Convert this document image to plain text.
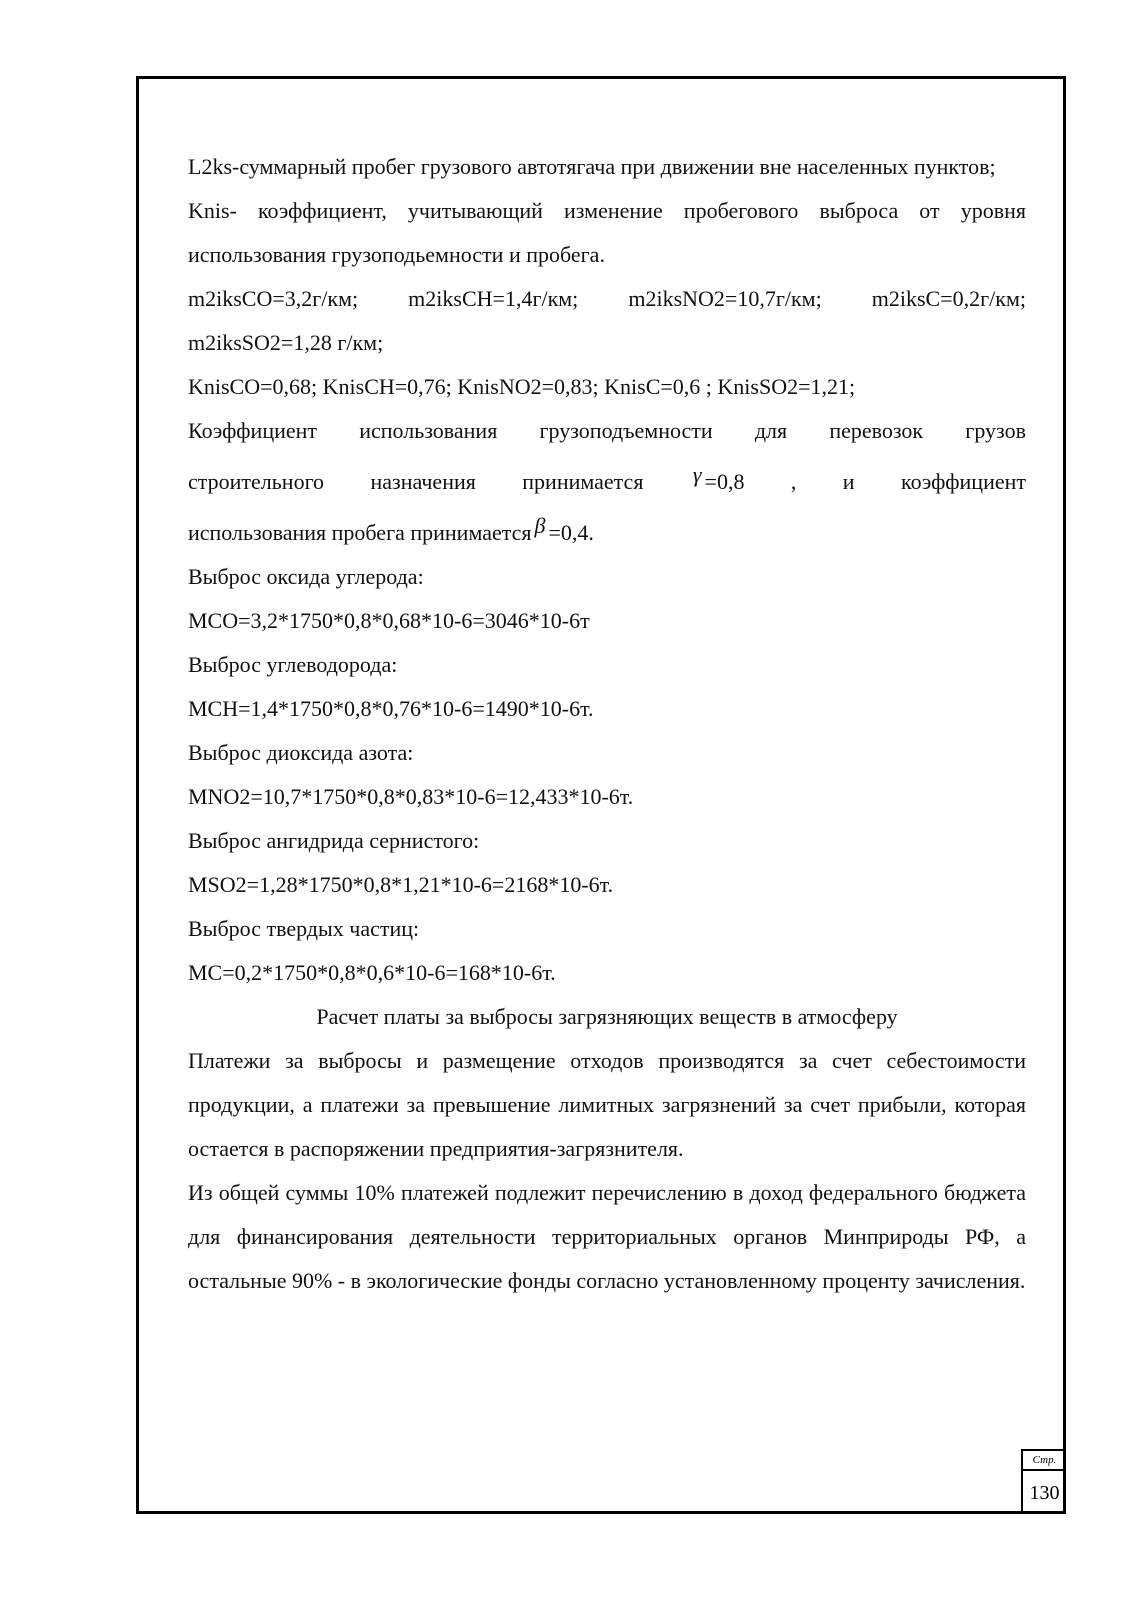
L2ks-суммарный пробег грузового автотягача при движении вне населенных пунктов;

Knis- коэффициент, учитывающий изменение пробегового выброса от уровня использования грузоподьемности и пробега.

m2iksCO=3,2г/км; m2iksCH=1,4г/км; m2iksNO2=10,7г/км; m2iksC=0,2г/км; m2iksSO2=1,28 г/км;

KnisCO=0,68; KnisCH=0,76; KnisNO2=0,83; KnisC=0,6 ; KnisSO2=1,21;

Коэффициент использования грузоподъемности для перевозок грузов

строительного назначения принимается γ =0,8 , и коэффициент

использования пробега принимается β =0,4.

Выброс оксида углерода:

MCO=3,2*1750*0,8*0,68*10-6=3046*10-6т

Выброс углеводорода:

MCH=1,4*1750*0,8*0,76*10-6=1490*10-6т.

Выброс диоксида азота:

MNO2=10,7*1750*0,8*0,83*10-6=12,433*10-6т.

Выброс ангидрида сернистого:

MSO2=1,28*1750*0,8*1,21*10-6=2168*10-6т.

Выброс твердых частиц:

MC=0,2*1750*0,8*0,6*10-6=168*10-6т.

Расчет платы за выбросы загрязняющих веществ в атмосферу

Платежи за выбросы и размещение отходов производятся за счет себестоимости продукции, а платежи за превышение лимитных загрязнений за счет прибыли, которая остается в распоряжении предприятия-загрязнителя.

Из общей суммы 10% платежей подлежит перечислению в доход федерального бюджета для финансирования деятельности территориальных органов Минприроды РФ, а остальные 90% - в экологические фонды согласно установленному проценту зачисления.

Стр.
130
